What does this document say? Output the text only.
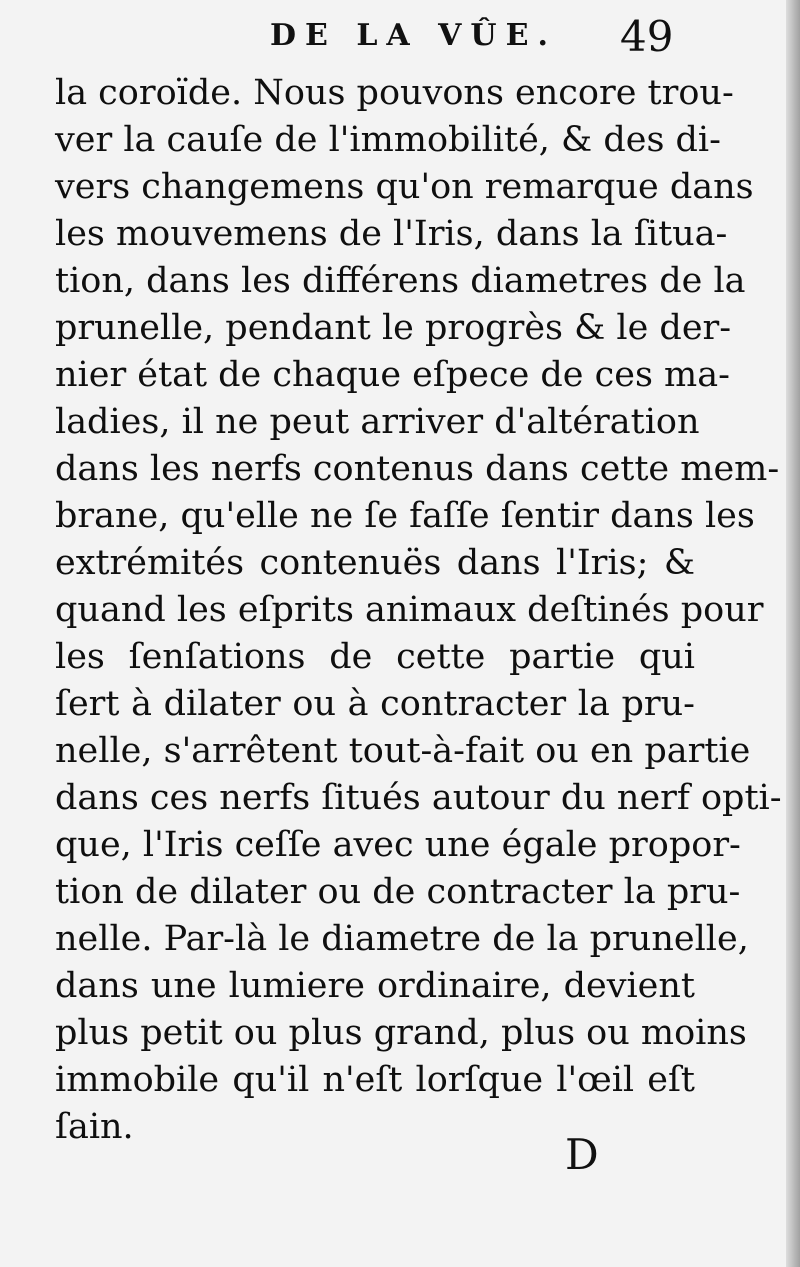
DE LA VÛE. 49
la coroïde. Nous pouvons encore trou-
ver la cauſe de l'immobilité, & des di-
vers changemens qu'on remarque dans
les mouvemens de l'Iris, dans la ſitua-
tion, dans les différens diametres de la
prunelle, pendant le progrès & le der-
nier état de chaque eſpece de ces ma-
ladies, il ne peut arriver d'altération
dans les nerfs contenus dans cette mem-
brane, qu'elle ne ſe faſſe ſentir dans les
extrémités contenuës dans l'Iris; &
quand les eſprits animaux deſtinés pour
les ſenſations de cette partie qui
ſert à dilater ou à contracter la pru-
nelle, s'arrêtent tout-à-fait ou en partie
dans ces nerfs ſitués autour du nerf opti-
que, l'Iris ceſſe avec une égale propor-
tion de dilater ou de contracter la pru-
nelle. Par-là le diametre de la prunelle,
dans une lumiere ordinaire, devient
plus petit ou plus grand, plus ou moins
immobile qu'il n'eſt lorſque l'œil eſt
ſain.
D
